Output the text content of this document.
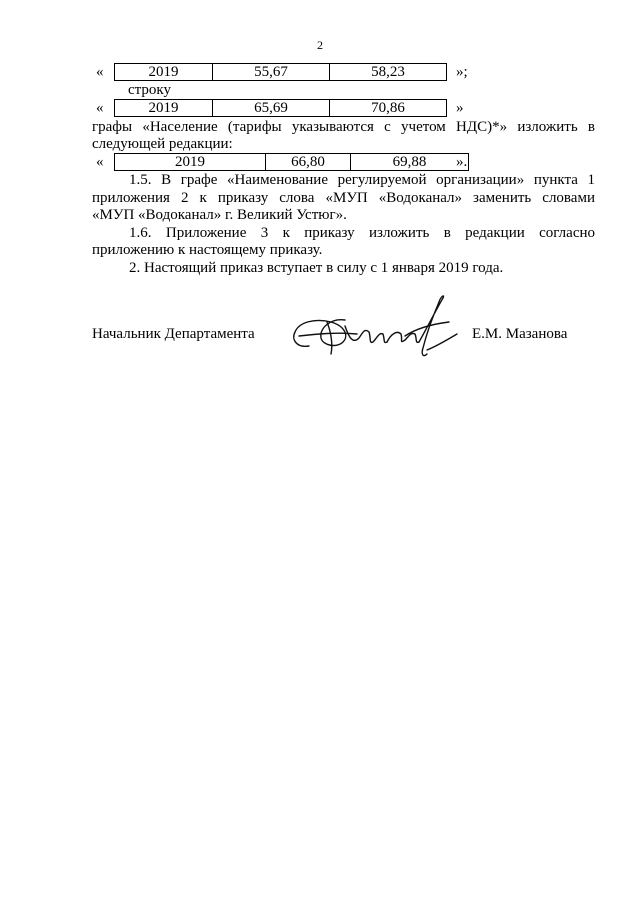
2
«	2019	55,67	58,23	»;
строку
«	2019	65,69	70,86	»
графы «Население (тарифы указываются с учетом НДС)*» изложить в
следующей редакции:
«	2019	66,80	69,88 ».
1.5. В графе «Наименование регулируемой организации» пункта 1
приложения 2 к приказу слова «МУП «Водоканал» заменить словами
«МУП «Водоканал» г. Великий Устюг».
1.6. Приложение 3 к приказу изложить в редакции согласно
приложению к настоящему приказу.
2. Настоящий приказ вступает в силу с 1 января 2019 года.
Начальник Департамента	Е.М. Мазанова
